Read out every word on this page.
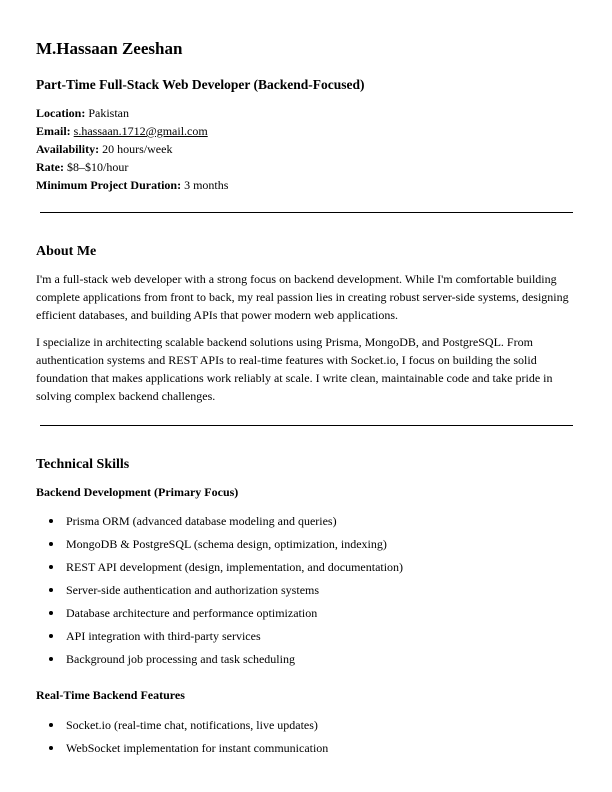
M.Hassaan Zeeshan
Part-Time Full-Stack Web Developer (Backend-Focused)
Location: Pakistan
Email: s.hassaan.1712@gmail.com
Availability: 20 hours/week
Rate: $8–$10/hour
Minimum Project Duration: 3 months
About Me

I'm a full-stack web developer with a strong focus on backend development. While I'm comfortable building complete applications from front to back, my real passion lies in creating robust server-side systems, designing efficient databases, and building APIs that power modern web applications.

I specialize in architecting scalable backend solutions using Prisma, MongoDB, and PostgreSQL. From authentication systems and REST APIs to real-time features with Socket.io, I focus on building the solid foundation that makes applications work reliably at scale. I write clean, maintainable code and take pride in solving complex backend challenges.

Technical Skills
Backend Development (Primary Focus)
Prisma ORM (advanced database modeling and queries)
MongoDB & PostgreSQL (schema design, optimization, indexing)
REST API development (design, implementation, and documentation)
Server-side authentication and authorization systems
Database architecture and performance optimization
API integration with third-party services
Background job processing and task scheduling
Real-Time Backend Features
Socket.io (real-time chat, notifications, live updates)
WebSocket implementation for instant communication
